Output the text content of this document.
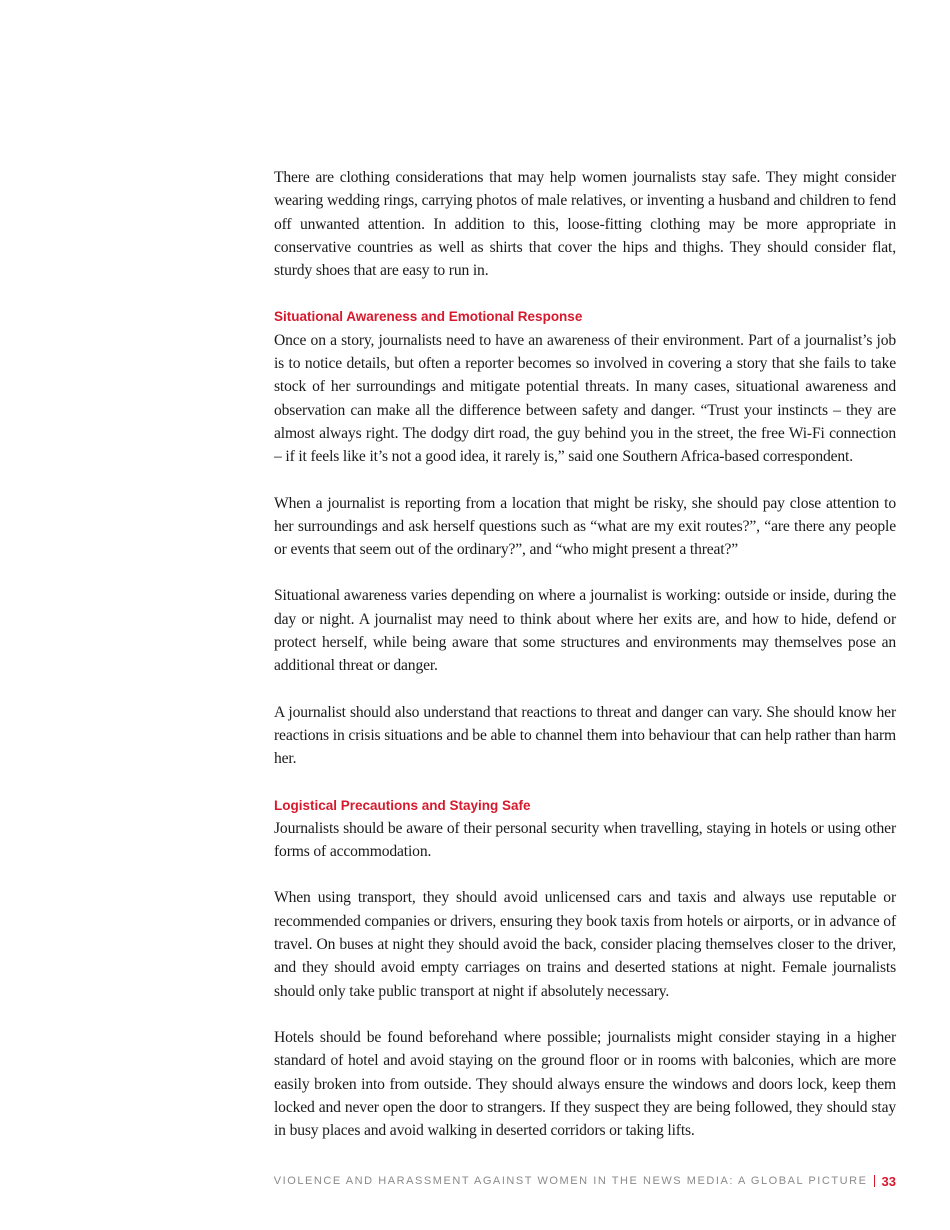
There are clothing considerations that may help women journalists stay safe. They might consider wearing wedding rings, carrying photos of male relatives, or inventing a husband and children to fend off unwanted attention. In addition to this, loose-fitting clothing may be more appropriate in conservative countries as well as shirts that cover the hips and thighs. They should consider flat, sturdy shoes that are easy to run in.

Situational Awareness and Emotional Response

Once on a story, journalists need to have an awareness of their environment. Part of a journalist’s job is to notice details, but often a reporter becomes so involved in covering a story that she fails to take stock of her surroundings and mitigate potential threats. In many cases, situational awareness and observation can make all the difference between safety and danger. “Trust your instincts – they are almost always right. The dodgy dirt road, the guy behind you in the street, the free Wi-Fi connection – if it feels like it’s not a good idea, it rarely is,” said one Southern Africa-based correspondent.

When a journalist is reporting from a location that might be risky, she should pay close attention to her surroundings and ask herself questions such as “what are my exit routes?”, “are there any people or events that seem out of the ordinary?”, and “who might present a threat?”

Situational awareness varies depending on where a journalist is working: outside or inside, during the day or night. A journalist may need to think about where her exits are, and how to hide, defend or protect herself, while being aware that some structures and environments may themselves pose an additional threat or danger.

A journalist should also understand that reactions to threat and danger can vary. She should know her reactions in crisis situations and be able to channel them into behaviour that can help rather than harm her.

Logistical Precautions and Staying Safe

Journalists should be aware of their personal security when travelling, staying in hotels or using other forms of accommodation.

When using transport, they should avoid unlicensed cars and taxis and always use reputable or recommended companies or drivers, ensuring they book taxis from hotels or airports, or in advance of travel. On buses at night they should avoid the back, consider placing themselves closer to the driver, and they should avoid empty carriages on trains and deserted stations at night. Female journalists should only take public transport at night if absolutely necessary.

Hotels should be found beforehand where possible; journalists might consider staying in a higher standard of hotel and avoid staying on the ground floor or in rooms with balconies, which are more easily broken into from outside. They should always ensure the windows and doors lock, keep them locked and never open the door to strangers. If they suspect they are being followed, they should stay in busy places and avoid walking in deserted corridors or taking lifts.

VIOLENCE AND HARASSMENT AGAINST WOMEN IN THE NEWS MEDIA: A GLOBAL PICTURE 33
